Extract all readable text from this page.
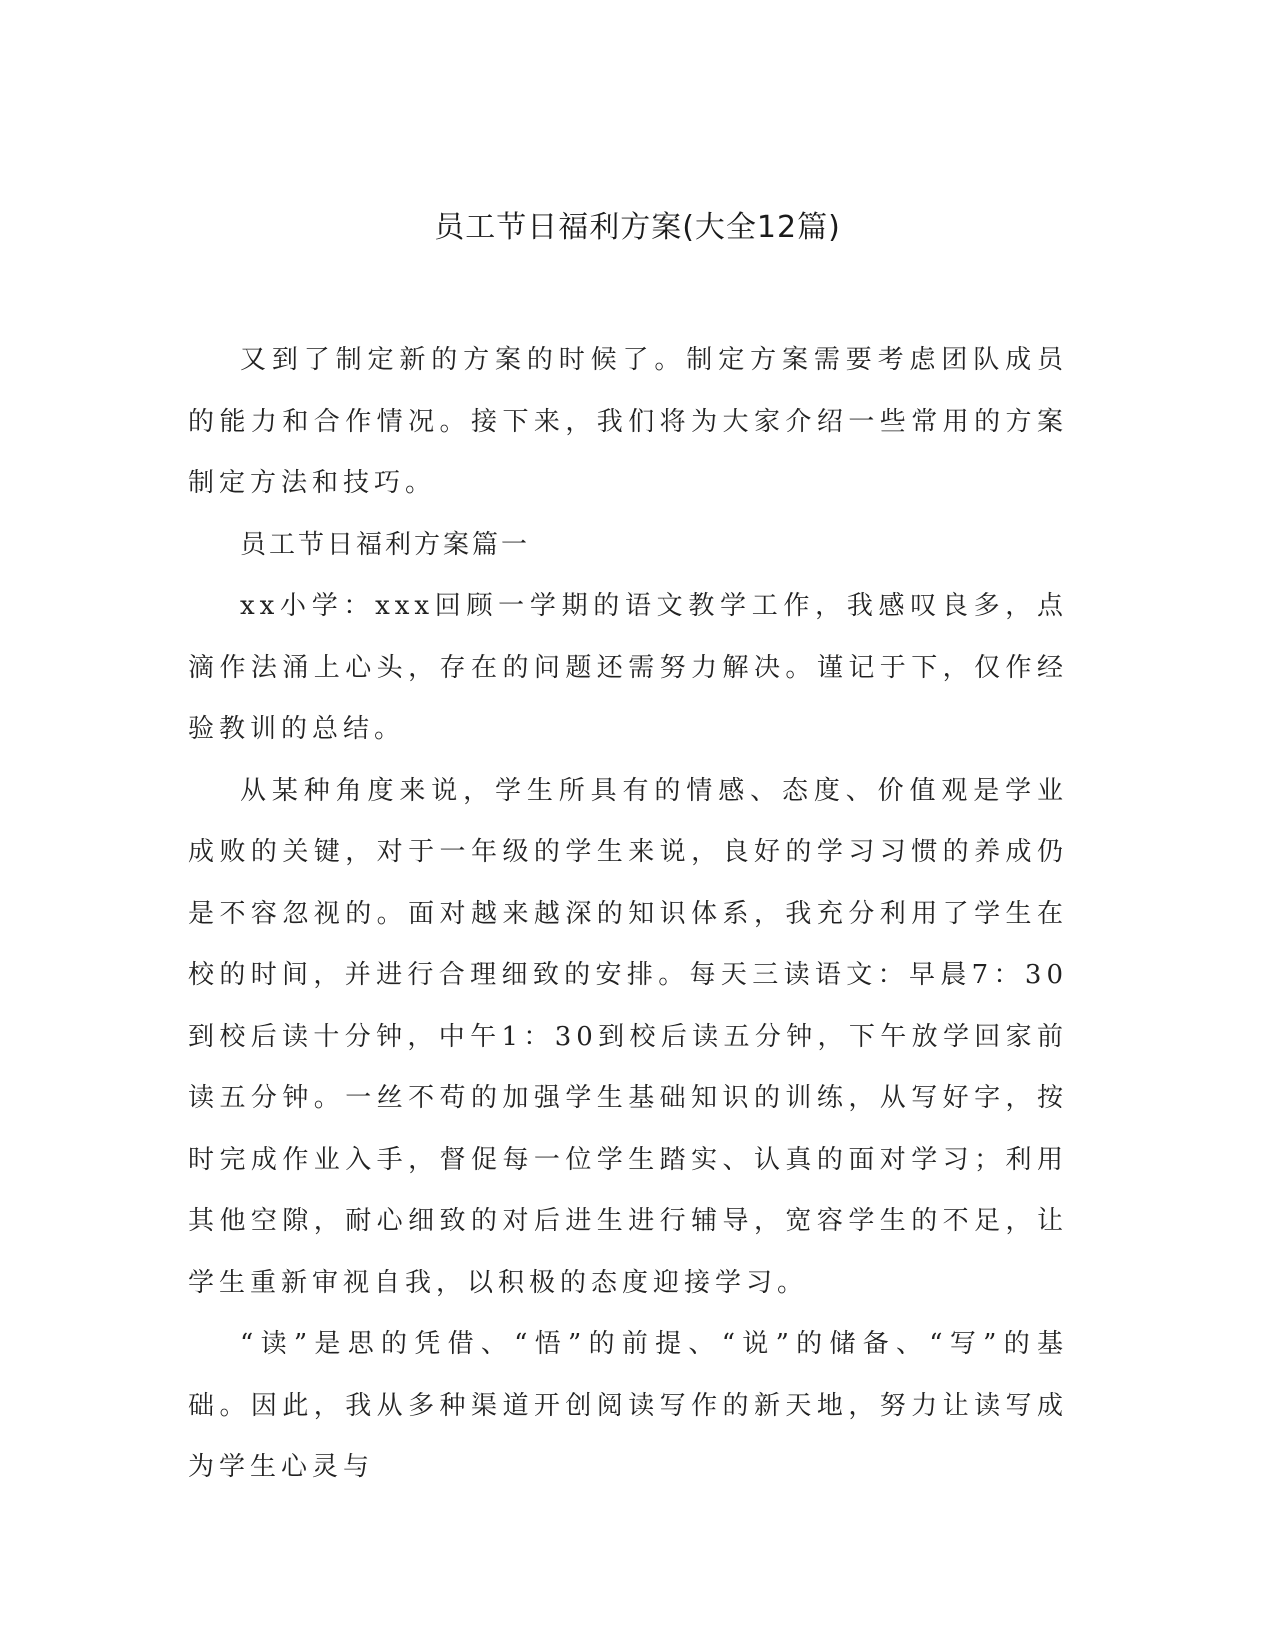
员工节日福利方案(大全12篇)

又到了制定新的方案的时候了。制定方案需要考虑团队成员的能力和合作情况。接下来，我们将为大家介绍一些常用的方案制定方法和技巧。

员工节日福利方案篇一

xx小学：xxx回顾一学期的语文教学工作，我感叹良多，点滴作法涌上心头，存在的问题还需努力解决。谨记于下，仅作经验教训的总结。

从某种角度来说，学生所具有的情感、态度、价值观是学业成败的关键，对于一年级的学生来说，良好的学习习惯的养成仍是不容忽视的。面对越来越深的知识体系，我充分利用了学生在校的时间，并进行合理细致的安排。每天三读语文：早晨7：30到校后读十分钟，中午1：30到校后读五分钟，下午放学回家前读五分钟。一丝不苟的加强学生基础知识的训练，从写好字，按时完成作业入手，督促每一位学生踏实、认真的面对学习；利用其他空隙，耐心细致的对后进生进行辅导，宽容学生的不足，让学生重新审视自我，以积极的态度迎接学习。

“读”是思的凭借、“悟”的前提、“说”的储备、“写”的基础。因此，我从多种渠道开创阅读写作的新天地，努力让读写成为学生心灵与
